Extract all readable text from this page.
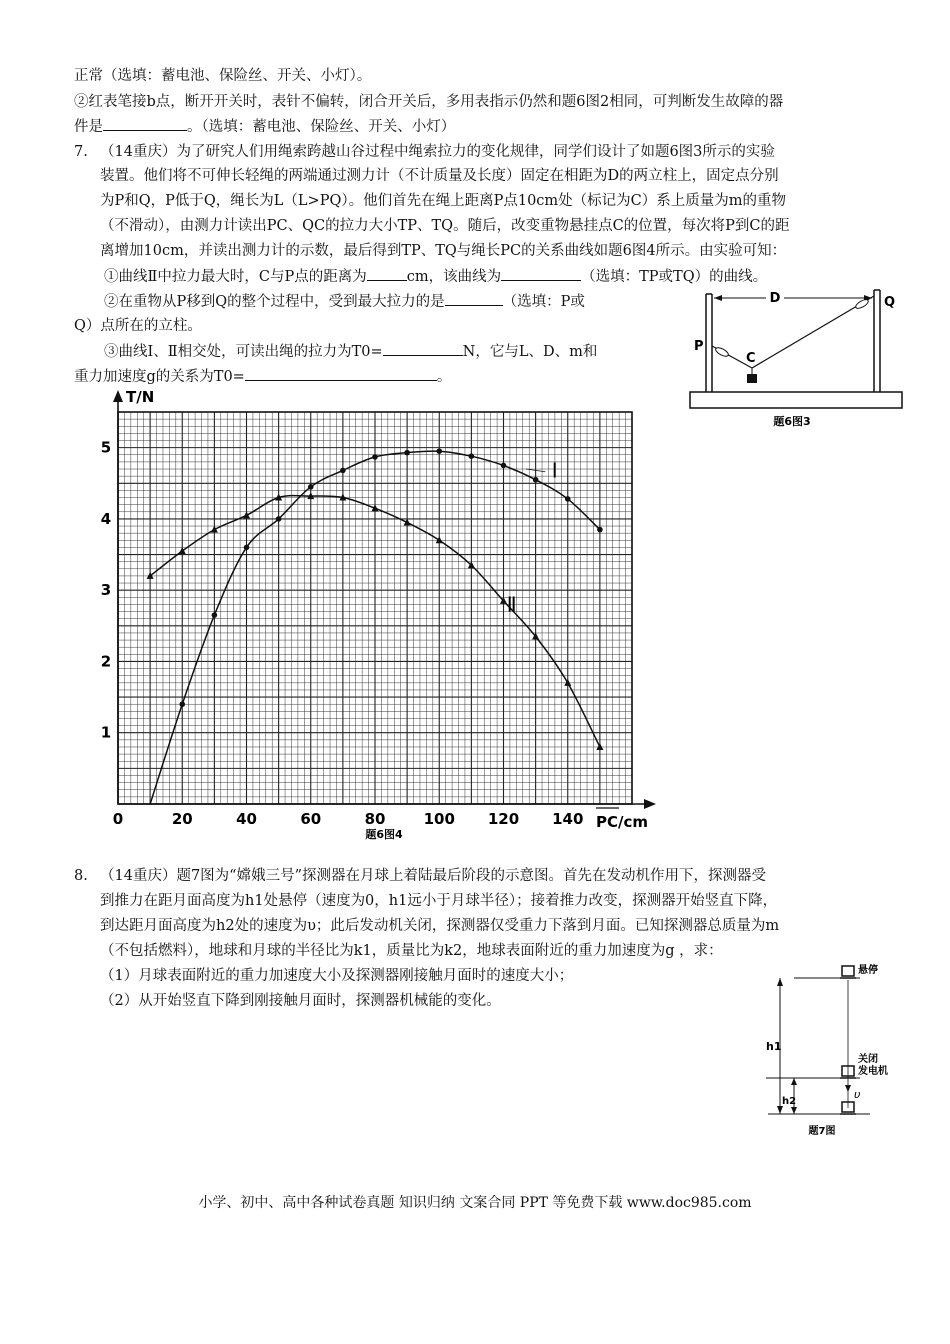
正常（选填：蓄电池、保险丝、开关、小灯）。
②红表笔接b点，断开开关时，表针不偏转，闭合开关后，多用表指示仍然和题6图2相同，可判断发生故障的器
件是	。（选填：蓄电池、保险丝、开关、小灯）
7. （14重庆）为了研究人们用绳索跨越山谷过程中绳索拉力的变化规律，同学们设计了如题6图3所示的实验
装置。他们将不可伸长轻绳的两端通过测力计（不计质量及长度）固定在相距为D的两立柱上，固定点分别
为P和Q，P低于Q，绳长为L（L>PQ）。他们首先在绳上距离P点10cm处（标记为C）系上质量为m的重物
（不滑动），由测力计读出PC、QC的拉力大小TP、TQ。随后，改变重物悬挂点C的位置，每次将P到C的距
离增加10cm，并读出测力计的示数，最后得到TP、TQ与绳长PC的关系曲线如题6图4所示。由实验可知：
①曲线Ⅱ中拉力最大时，C与P点的距离为	cm，该曲线为	（选填：TP或TQ）的曲线。
②在重物从P移到Q的整个过程中，受到最大拉力的是	（选填：P或
Q）点所在的立柱。
③曲线Ⅰ、Ⅱ相交处，可读出绳的拉力为T0=	N，它与L、D、m和
重力加速度g的关系为T0=	。
D
P
Q
C
题6图3
0	20	40	60	80	100 120 140
1
2
3
4
5
Ⅰ
Ⅱ
T/N
PC/cm
题6图4
8. （14重庆）题7图为“嫦娥三号”探测器在月球上着陆最后阶段的示意图。首先在发动机作用下，探测器受
到推力在距月面高度为h1处悬停（速度为0，h1远小于月球半径）；接着推力改变，探测器开始竖直下降，
到达距月面高度为h2处的速度为υ；此后发动机关闭，探测器仅受重力下落到月面。已知探测器总质量为m
（不包括燃料），地球和月球的半径比为k1，质量比为k2，地球表面附近的重力加速度为g ，求：
（1）月球表面附近的重力加速度大小及探测器刚接触月面时的速度大小；
（2）从开始竖直下降到刚接触月面时，探测器机械能的变化。
悬停
关闭
发电机
h1
h2
υ
题7图
小学、初中、高中各种试卷真题 知识归纳 文案合同 PPT 等免费下载 www.doc985.com
